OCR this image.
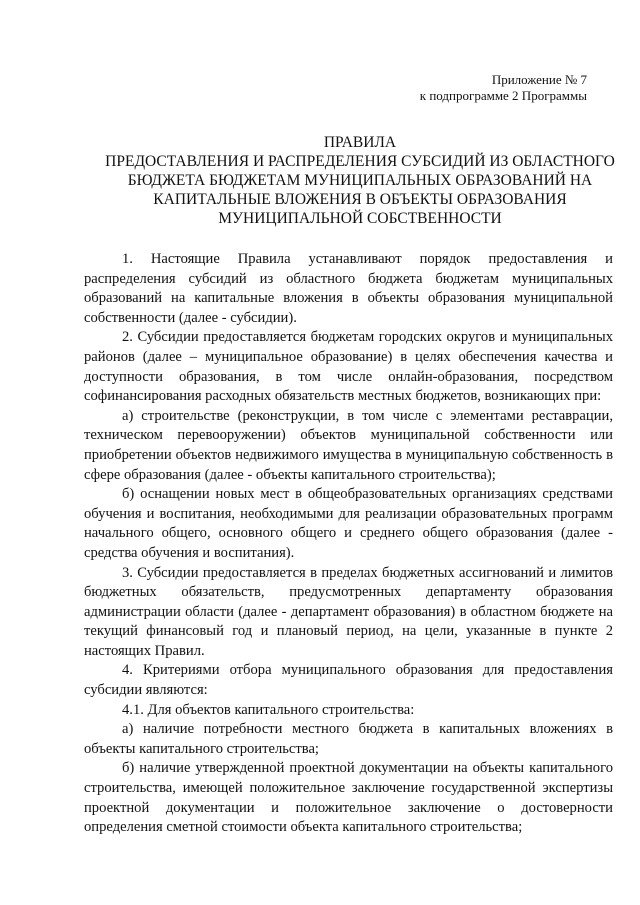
Приложение № 7
к подпрограмме 2 Программы
ПРАВИЛА
ПРЕДОСТАВЛЕНИЯ И РАСПРЕДЕЛЕНИЯ СУБСИДИЙ ИЗ ОБЛАСТНОГО
БЮДЖЕТА БЮДЖЕТАМ МУНИЦИПАЛЬНЫХ ОБРАЗОВАНИЙ НА
КАПИТАЛЬНЫЕ ВЛОЖЕНИЯ В ОБЪЕКТЫ ОБРАЗОВАНИЯ
МУНИЦИПАЛЬНОЙ СОБСТВЕННОСТИ

1. Настоящие Правила устанавливают порядок предоставления и распределения субсидий из областного бюджета бюджетам муниципальных образований на капитальные вложения в объекты образования муниципальной собственности (далее - субсидии).

2. Субсидии предоставляется бюджетам городских округов и муниципальных районов (далее – муниципальное образование) в целях обеспечения качества и доступности образования, в том числе онлайн-образования, посредством софинансирования расходных обязательств местных бюджетов, возникающих при:

а) строительстве (реконструкции, в том числе с элементами реставрации, техническом перевооружении) объектов муниципальной собственности или приобретении объектов недвижимого имущества в муниципальную собственность в сфере образования (далее - объекты капитального строительства);

б) оснащении новых мест в общеобразовательных организациях средствами обучения и воспитания, необходимыми для реализации образовательных программ начального общего, основного общего и среднего общего образования (далее - средства обучения и воспитания).

3. Субсидии предоставляется в пределах бюджетных ассигнований и лимитов бюджетных обязательств, предусмотренных департаменту образования администрации области (далее - департамент образования) в областном бюджете на текущий финансовый год и плановый период, на цели, указанные в пункте 2 настоящих Правил.

4. Критериями отбора муниципального образования для предоставления субсидии являются:

4.1. Для объектов капитального строительства:

а) наличие потребности местного бюджета в капитальных вложениях в объекты капитального строительства;

б) наличие утвержденной проектной документации на объекты капитального строительства, имеющей положительное заключение государственной экспертизы проектной документации и положительное заключение о достоверности определения сметной стоимости объекта капитального строительства;
